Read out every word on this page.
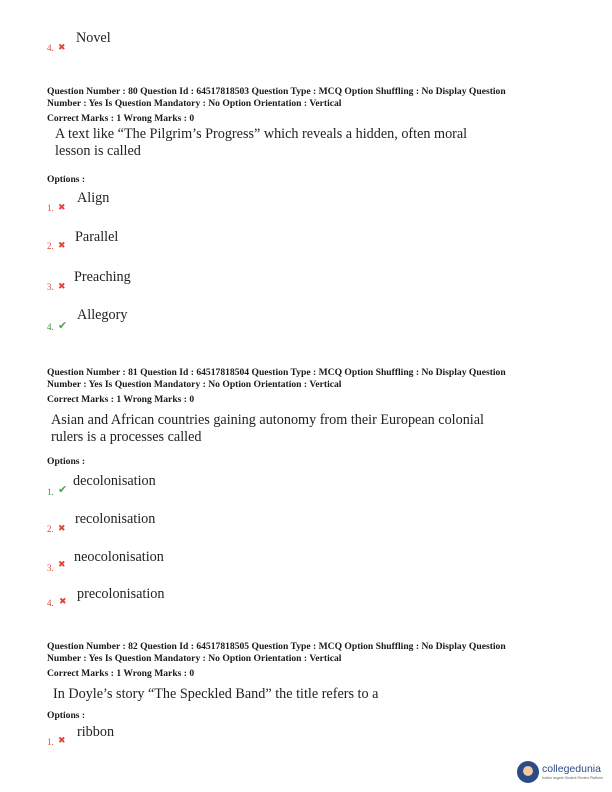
4. ✖
Novel
Question Number : 80 Question Id : 64517818503 Question Type : MCQ Option Shuffling : No Display Question
Number : Yes Is Question Mandatory : No Option Orientation : Vertical
Correct Marks : 1 Wrong Marks : 0
A text like “The Pilgrim’s Progress” which reveals a hidden, often moral
lesson is called
Options :
1. ✖
Align
2. ✖ Parallel
3. ✖
Preaching
4. ✔
Allegory
Question Number : 81 Question Id : 64517818504 Question Type : MCQ Option Shuffling : No Display Question
Number : Yes Is Question Mandatory : No Option Orientation : Vertical
Correct Marks : 1 Wrong Marks : 0
Asian and African countries gaining autonomy from their European colonial
rulers is a processes called
Options :
1. ✔
decolonisation
2. ✖
recolonisation
3. ✖ neocolonisation
4. ✖ precolonisation
Question Number : 82 Question Id : 64517818505 Question Type : MCQ Option Shuffling : No Display Question
Number : Yes Is Question Mandatory : No Option Orientation : Vertical
Correct Marks : 1 Wrong Marks : 0
In Doyle’s story “The Speckled Band” the title refers to a
Options :
1. ✖ ribbon
collegedunia
India's largest Student Review Platform
